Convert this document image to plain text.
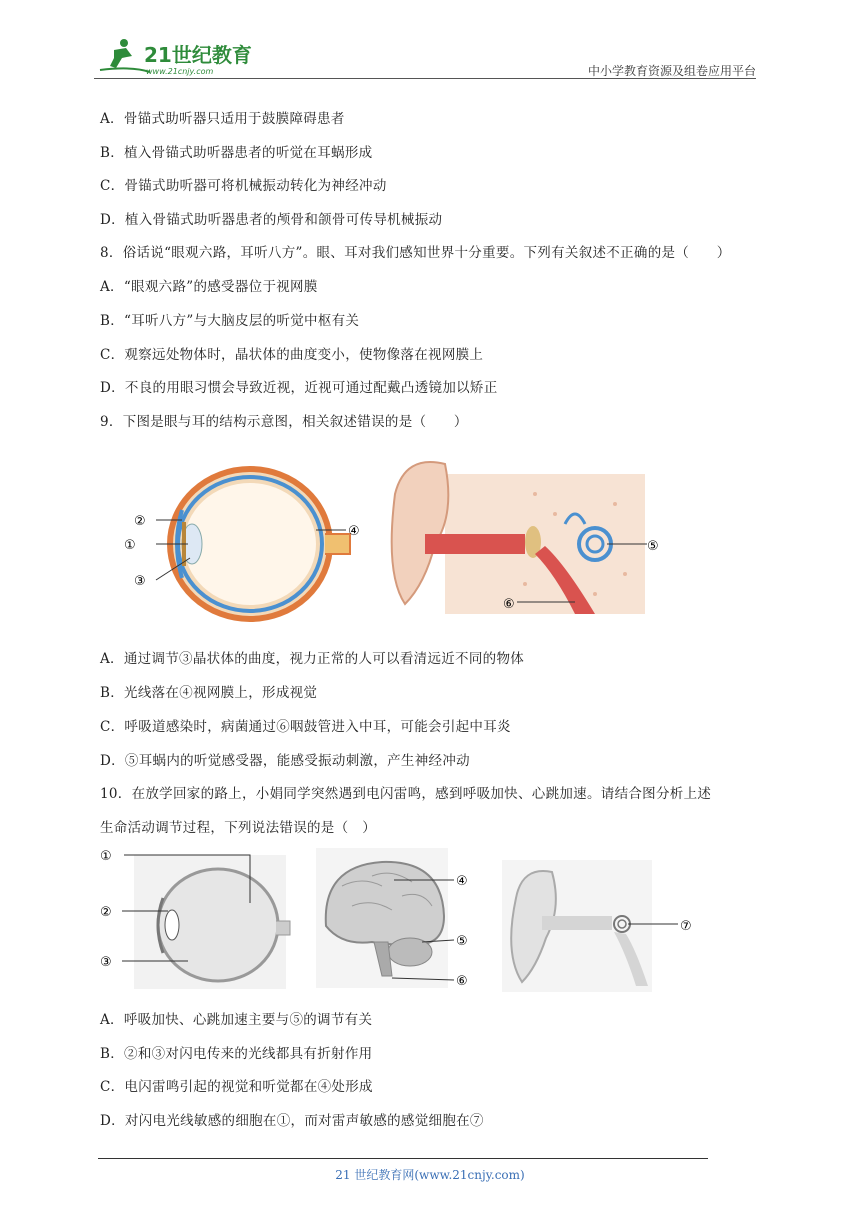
21世纪教育
www.21cnjy.com	中小学教育资源及组卷应用平台
A．骨锚式助听器只适用于鼓膜障碍患者
B．植入骨锚式助听器患者的听觉在耳蜗形成
C．骨锚式助听器可将机械振动转化为神经冲动
D．植入骨锚式助听器患者的颅骨和颌骨可传导机械振动
8．俗话说“眼观六路，耳听八方”。眼、耳对我们感知世界十分重要。下列有关叙述不正确的是（　　）
A．“眼观六路”的感受器位于视网膜
B．“耳听八方”与大脑皮层的听觉中枢有关
C．观察远处物体时，晶状体的曲度变小，使物像落在视网膜上
D．不良的用眼习惯会导致近视，近视可通过配戴凸透镜加以矫正
9．下图是眼与耳的结构示意图，相关叙述错误的是（　　）
②
①
③
④
⑤
⑥
A．通过调节③晶状体的曲度，视力正常的人可以看清远近不同的物体
B．光线落在④视网膜上，形成视觉
C．呼吸道感染时，病菌通过⑥咽鼓管进入中耳，可能会引起中耳炎
D．⑤耳蜗内的听觉感受器，能感受振动刺激，产生神经冲动
10．在放学回家的路上，小娟同学突然遇到电闪雷鸣，感到呼吸加快、心跳加速。请结合图分析上述
生命活动调节过程，下列说法错误的是（　）
①
②
③
④
⑤
⑥
⑦
A．呼吸加快、心跳加速主要与⑤的调节有关
B．②和③对闪电传来的光线都具有折射作用
C．电闪雷鸣引起的视觉和听觉都在④处形成
D．对闪电光线敏感的细胞在①，而对雷声敏感的感觉细胞在⑦
21 世纪教育网(www.21cnjy.com)
